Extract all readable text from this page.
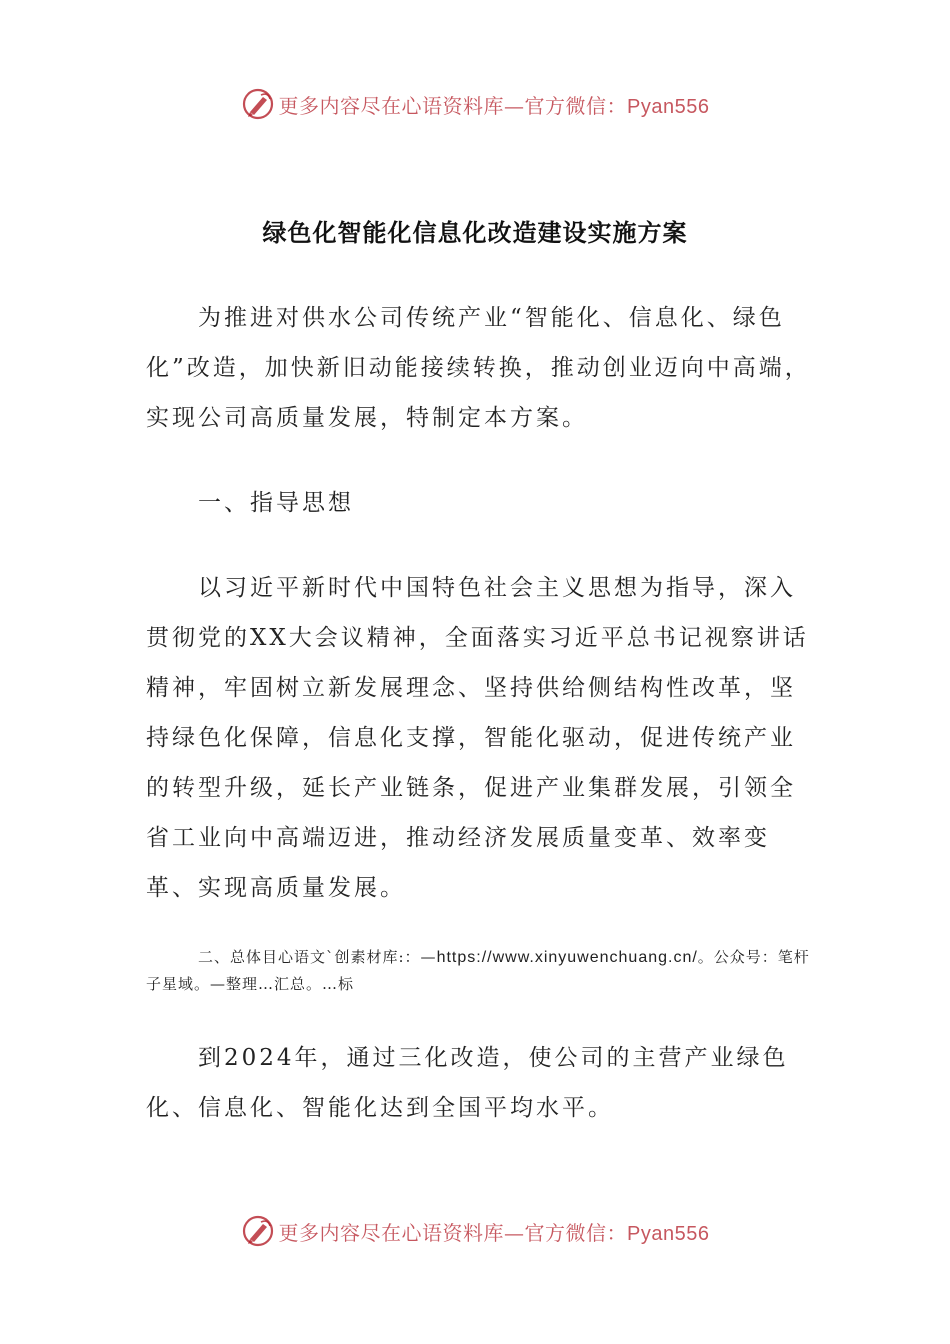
更多内容尽在心语资料库—官方微信：Pyan556
绿色化智能化信息化改造建设实施方案

为推进对供水公司传统产业“智能化、信息化、绿色化”改造，加快新旧动能接续转换，推动创业迈向中高端，实现公司高质量发展，特制定本方案。

一、指导思想

以习近平新时代中国特色社会主义思想为指导，深入贯彻党的XX大会议精神，全面落实习近平总书记视察讲话精神，牢固树立新发展理念、坚持供给侧结构性改革，坚持绿色化保障，信息化支撑，智能化驱动，促进传统产业的转型升级，延长产业链条，促进产业集群发展，引领全省工业向中高端迈进，推动经济发展质量变革、效率变革、实现高质量发展。

二、总体目心语文`创素材库:：—https://www.xinyuwenchuang.cn/。公众号：笔杆子星域。—整理…汇总。…标

到2024年，通过三化改造，使公司的主营产业绿色化、信息化、智能化达到全国平均水平。

更多内容尽在心语资料库—官方微信：Pyan556
